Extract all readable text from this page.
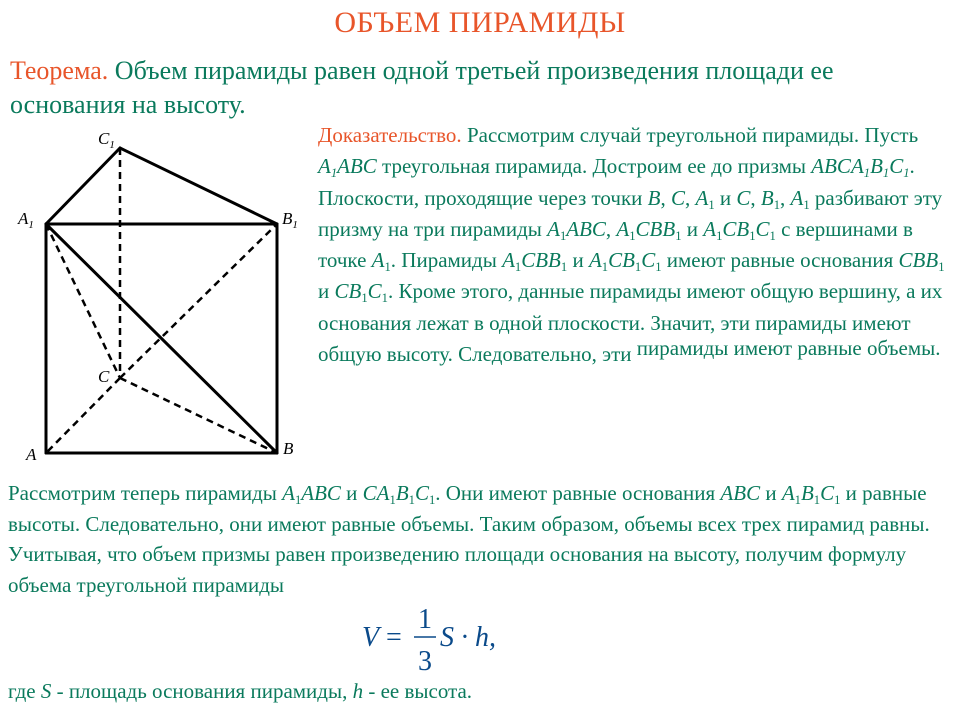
ОБЪЕМ ПИРАМИДЫ
Теорема. Объем пирамиды равен одной третьей произведения площади ее основания на высоту.
Доказательство. Рассмотрим случай треугольной пирамиды. Пусть $A_1ABC$ треугольная пирамида. Достроим ее до призмы $ABCA_1B_1C_1$. Плоскости, проходящие через точки B, C, $A_1$ и C, $B_1$, $A_1$ разбивают эту призму на три пирамиды $A_1ABC$, $A_1CBB_1$ и $A_1CB_1C_1$ с вершинами в точке $A_1$. Пирамиды $A_1CBB_1$ и $A_1CB_1C_1$ имеют равные основания $CBB_1$ и $CB_1C_1$. Кроме этого, данные пирамиды имеют общую вершину, а их основания лежат в одной плоскости. Значит, эти пирамиды имеют общую высоту. Следовательно, эти пирамиды имеют равные объемы.
$C_1$
$A_1$	$B_1$
C
A	B
Рассмотрим теперь пирамиды $A_1ABC$ и $CA_1B_1C_1$. Они имеют равные основания ABC и $A_1B_1C_1$ и равные высоты. Следовательно, они имеют равные объемы. Таким образом, объемы всех трех пирамид равны. Учитывая, что объем призмы равен произведению площади основания на высоту, получим формулу объема треугольной пирамиды
V =
1
3
S · h,
где S - площадь основания пирамиды, h - ее высота.
